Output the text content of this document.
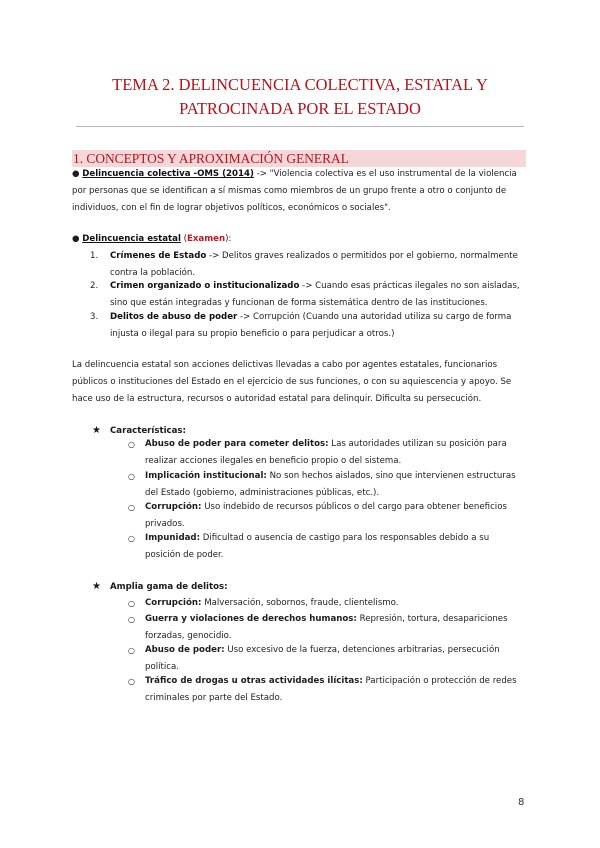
TEMA 2. DELINCUENCIA COLECTIVA, ESTATAL Y
PATROCINADA POR EL ESTADO
1. CONCEPTOS Y APROXIMACIÓN GENERAL
● Delincuencia colectiva -OMS (2014) -> "Violencia colectiva es el uso instrumental de la violencia
por personas que se identifican a sí mismas como miembros de un grupo frente a otro o conjunto de
individuos, con el fin de lograr objetivos políticos, económicos o sociales".
● Delincuencia estatal (Examen):
1. Crímenes de Estado -> Delitos graves realizados o permitidos por el gobierno, normalmente
contra la población.
2. Crimen organizado o institucionalizado -> Cuando esas prácticas ilegales no son aisladas,
sino que están integradas y funcionan de forma sistemática dentro de las instituciones.
3. Delitos de abuso de poder -> Corrupción (Cuando una autoridad utiliza su cargo de forma
injusta o ilegal para su propio beneficio o para perjudicar a otros.)
La delincuencia estatal son acciones delictivas llevadas a cabo por agentes estatales, funcionarios
públicos o instituciones del Estado en el ejercicio de sus funciones, o con su aquiescencia y apoyo. Se
hace uso de la estructura, recursos o autoridad estatal para delinquir. Dificulta su persecución.
★ Características:
○ Abuso de poder para cometer delitos: Las autoridades utilizan su posición para
realizar acciones ilegales en beneficio propio o del sistema.
○ Implicación institucional: No son hechos aislados, sino que intervienen estructuras
del Estado (gobierno, administraciones públicas, etc.).
○ Corrupción: Uso indebido de recursos públicos o del cargo para obtener beneficios
privados.
○ Impunidad: Dificultad o ausencia de castigo para los responsables debido a su
posición de poder.
★ Amplia gama de delitos:
○ Corrupción: Malversación, sobornos, fraude, clientelismo.
○ Guerra y violaciones de derechos humanos: Represión, tortura, desapariciones
forzadas, genocidio.
○ Abuso de poder: Uso excesivo de la fuerza, detenciones arbitrarias, persecución
política.
○ Tráfico de drogas u otras actividades ilícitas: Participación o protección de redes
criminales por parte del Estado.
8
